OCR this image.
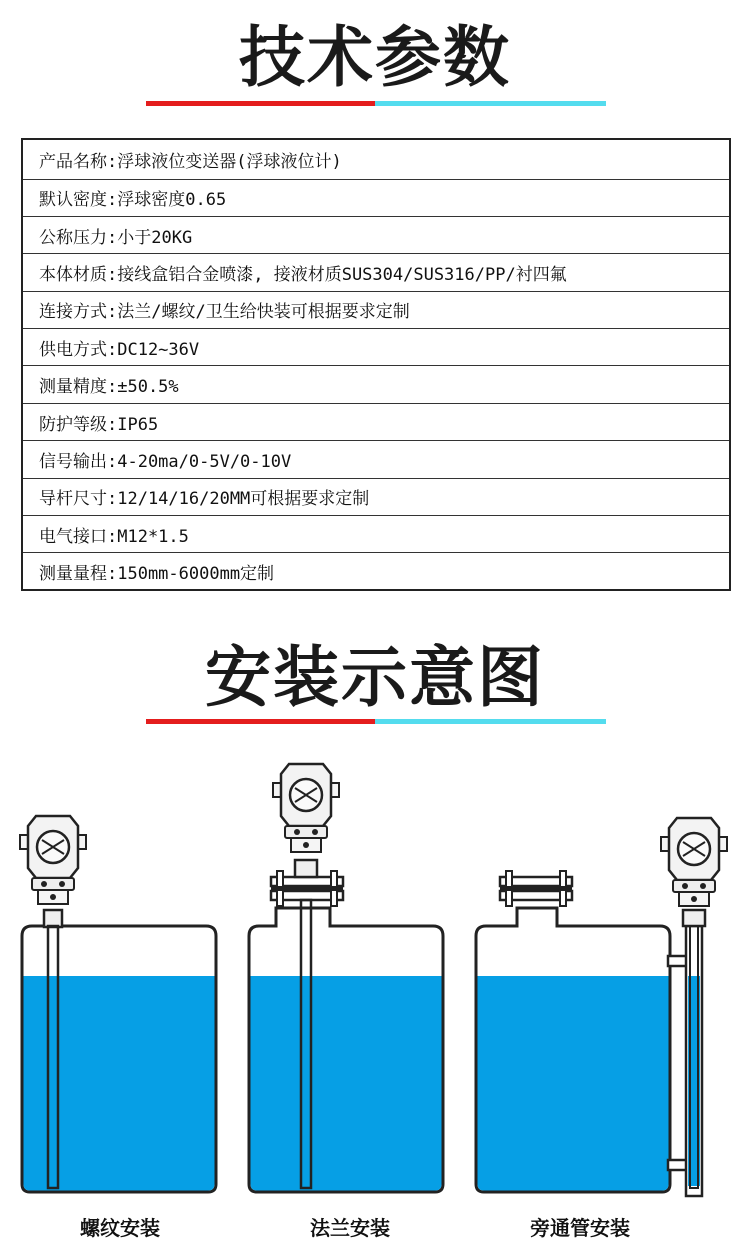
技术参数
产品名称:浮球液位变送器(浮球液位计)
默认密度:浮球密度0.65
公称压力:小于20KG
本体材质:接线盒铝合金喷漆, 接液材质SUS304/SUS316/PP/衬四氟
连接方式:法兰/螺纹/卫生给快装可根据要求定制
供电方式:DC12~36V
测量精度:±50.5%
防护等级:IP65
信号输出:4-20ma/0-5V/0-10V
导杆尺寸:12/14/16/20MM可根据要求定制
电气接口:M12*1.5
测量量程:150mm-6000mm定制
安装示意图
螺纹安装	法兰安装	旁通管安装
